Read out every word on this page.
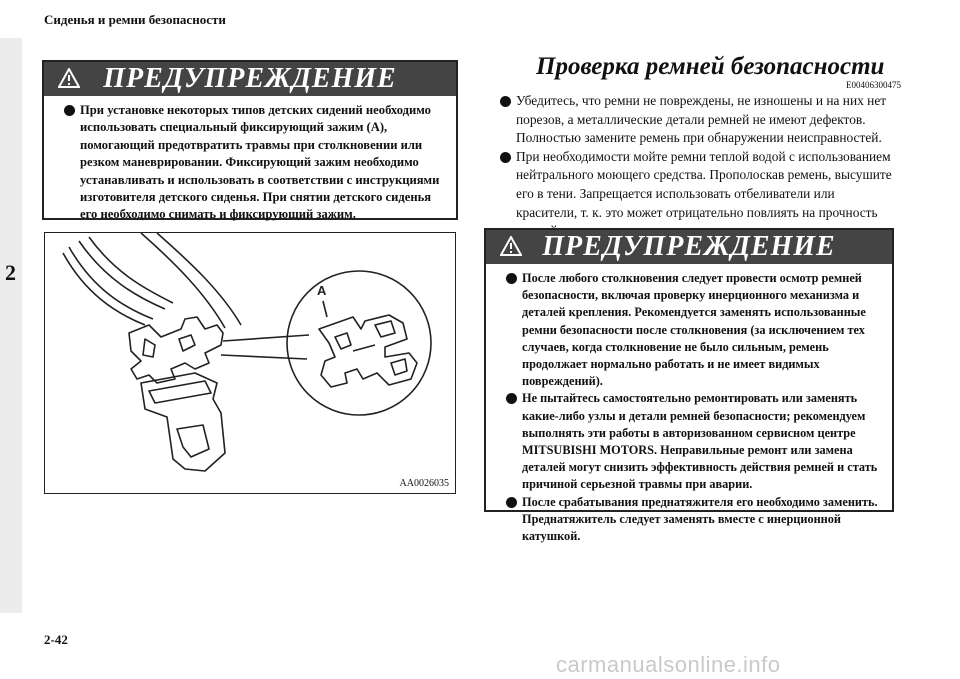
Сиденья и ремни безопасности
2
ПРЕДУПРЕЖДЕНИЕ
При установке некоторых типов детских сидений необходимо использовать специальный фиксирующий зажим (A), помогающий предотвратить травмы при столкновении или резком маневрировании. Фиксирующий зажим необходимо устанавливать и использовать в соответствии с инструкциями изготовителя детского сиденья. При снятии детского сиденья его необходимо снимать и фиксирующий зажим.
A
AA0026035
Проверка ремней безопасности
E00406300475
Убедитесь, что ремни не повреждены, не изношены и на них нет порезов, а металлические детали ремней не имеют дефектов. Полностью замените ремень при обнаружении неисправностей.
При необходимости мойте ремни теплой водой с использованием нейтрального моющего средства. Прополоскав ремень, высушите его в тени. Запрещается использовать отбеливатели или красители, т. к. это может отрицательно повлиять на прочность
ПРЕДУПРЕЖДЕНИЕ
После любого столкновения следует провести осмотр ремней безопасности, включая проверку инерционного механизма и деталей крепления. Рекомендуется заменять использованные ремни безопасности после столкновения (за исключением тех случаев, когда столкновение не было сильным, ремень продолжает нормально работать и не имеет видимых повреждений).
Не пытайтесь самостоятельно ремонтировать или заменять какие-либо узлы и детали ремней безопасности; рекомендуем выполнять эти работы в авторизованном сервисном центре MITSUBISHI MOTORS. Неправильные ремонт или замена деталей могут снизить эффективность действия ремней и стать причиной серьезной травмы при аварии.
После срабатывания преднатяжителя его необходимо заменить. Преднатяжитель следует заменять вместе с инерционной катушкой.
2-42
carmanualsonline.info
